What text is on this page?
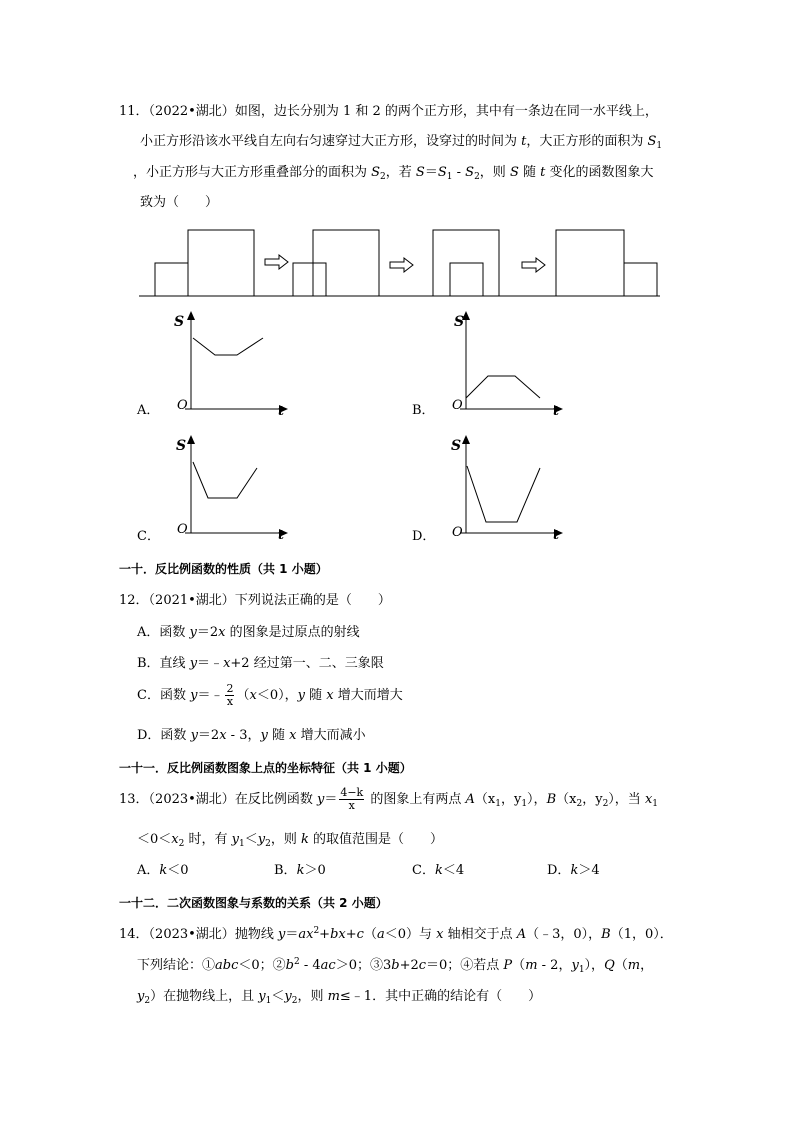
11．（2022•湖北）如图，边长分别为 1 和 2 的两个正方形，其中有一条边在同一水平线上，
小正方形沿该水平线自左向右匀速穿过大正方形，设穿过的时间为 t，大正方形的面积为 $S_1$
，小正方形与大正方形重叠部分的面积为 $S_2$，若 $S=S_1 - S_2$，则 S 随 t 变化的函数图象大
致为（　　）
A．
S
O	t	B．
S
O	t
C．
S
O	t	D．
S
O	t
一十．反比例函数的性质（共 1 小题）
12．（2021•湖北）下列说法正确的是（　　）
A．函数 y＝2x 的图象是过原点的射线
B．直线 y＝﹣x+2 经过第一、二、三象限
C．函数 y＝﹣ $\frac{2}{x} (x<0)$，y 随 x 增大而增大
D．函数 y＝2x - 3，y 随 x 增大而减小
一十一．反比例函数图象上点的坐标特征（共 1 小题）
13．（2023•湖北）在反比例函数 $y= \frac{4-k}{x}$ 的图象上有两点 $A(x_1$，$y_1$），$B(x_2$，$y_2$），当 $x_1$
$<0<x_2$ 时，有 $y_1<y_2$，则 k 的取值范围是（　　）
A．k＜0	B．k＞0	C．k＜4	D．k＞4
一十二．二次函数图象与系数的关系（共 2 小题）
14．（2023•湖北）抛物线 $y=ax^2+bx+c(a<0)$与 x 轴相交于点 A（﹣3，0），B（1，0）．
下列结论：①abc＜0；$②b^2 - 4ac>0$；③3b+2c＝0；④若点 P（m - 2，$y_1$），Q（m，
$y_2$）在抛物线上，且 $y_1<y_2$，则 m≤﹣1．其中正确的结论有（　　）
